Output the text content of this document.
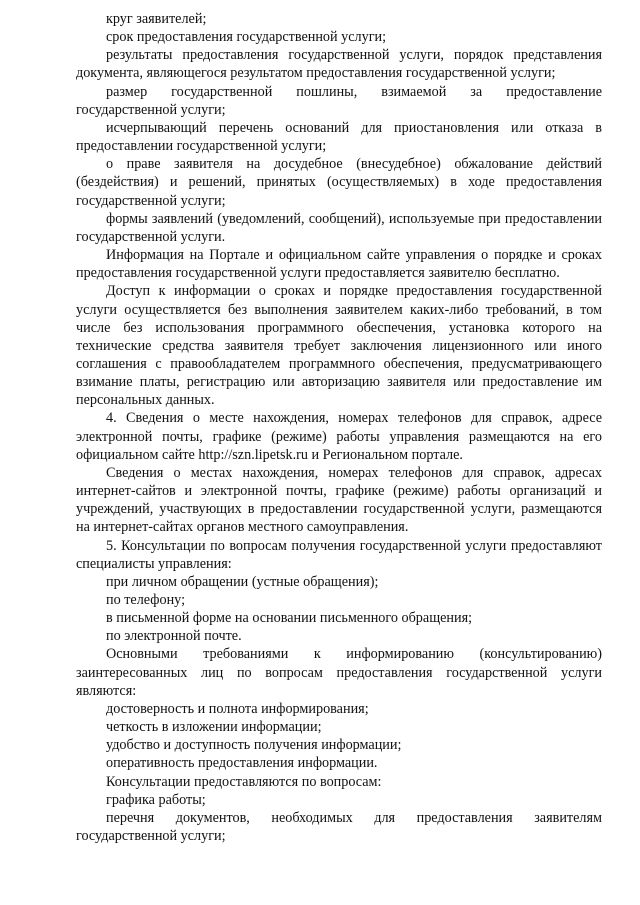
круг заявителей;

срок предоставления государственной услуги;

результаты предоставления государственной услуги, порядок представления документа, являющегося результатом предоставления государственной услуги;

размер государственной пошлины, взимаемой за предоставление государственной услуги;

исчерпывающий перечень оснований для приостановления или отказа в предоставлении государственной услуги;

о праве заявителя на досудебное (внесудебное) обжалование действий (бездействия) и решений, принятых (осуществляемых) в ходе предоставления государственной услуги;

формы заявлений (уведомлений, сообщений), используемые при предоставлении государственной услуги.

Информация на Портале и официальном сайте управления о порядке и сроках предоставления государственной услуги предоставляется заявителю бесплатно.

Доступ к информации о сроках и порядке предоставления государственной услуги осуществляется без выполнения заявителем каких-либо требований, в том числе без использования программного обеспечения, установка которого на технические средства заявителя требует заключения лицензионного или иного соглашения с правообладателем программного обеспечения, предусматривающего взимание платы, регистрацию или авторизацию заявителя или предоставление им персональных данных.

4. Сведения о месте нахождения, номерах телефонов для справок, адресе электронной почты, графике (режиме) работы управления размещаются на его официальном сайте http://szn.lipetsk.ru и Региональном портале.

Сведения о местах нахождения, номерах телефонов для справок, адресах интернет-сайтов и электронной почты, графике (режиме) работы организаций и учреждений, участвующих в предоставлении государственной услуги, размещаются на интернет-сайтах органов местного самоуправления.

5. Консультации по вопросам получения государственной услуги предоставляют специалисты управления:

при личном обращении (устные обращения);

по телефону;

в письменной форме на основании письменного обращения;

по электронной почте.

Основными требованиями к информированию (консультированию) заинтересованных лиц по вопросам предоставления государственной услуги являются:

достоверность и полнота информирования;

четкость в изложении информации;

удобство и доступность получения информации;

оперативность предоставления информации.

Консультации предоставляются по вопросам:

графика работы;

перечня документов, необходимых для предоставления заявителям государственной услуги;
